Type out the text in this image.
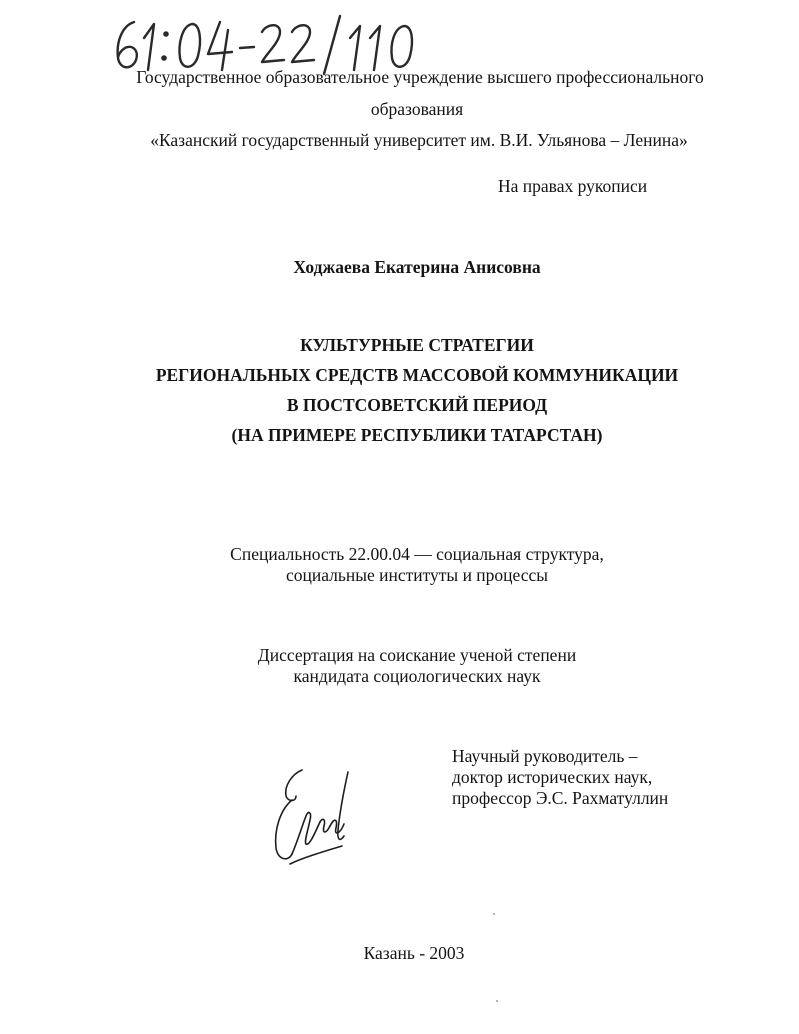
Государственное образовательное учреждение высшего профессионального
образования
«Казанский государственный университет им. В.И. Ульянова – Ленина»
На правах рукописи
Ходжаева Екатерина Анисовна
КУЛЬТУРНЫЕ СТРАТЕГИИ
РЕГИОНАЛЬНЫХ СРЕДСТВ МАССОВОЙ КОММУНИКАЦИИ
В ПОСТСОВЕТСКИЙ ПЕРИОД
(НА ПРИМЕРЕ РЕСПУБЛИКИ ТАТАРСТАН)
Специальность 22.00.04 — социальная структура,
социальные институты и процессы
Диссертация на соискание ученой степени
кандидата социологических наук
Научный руководитель –
доктор исторических наук,
профессор Э.С. Рахматуллин
Казань - 2003
